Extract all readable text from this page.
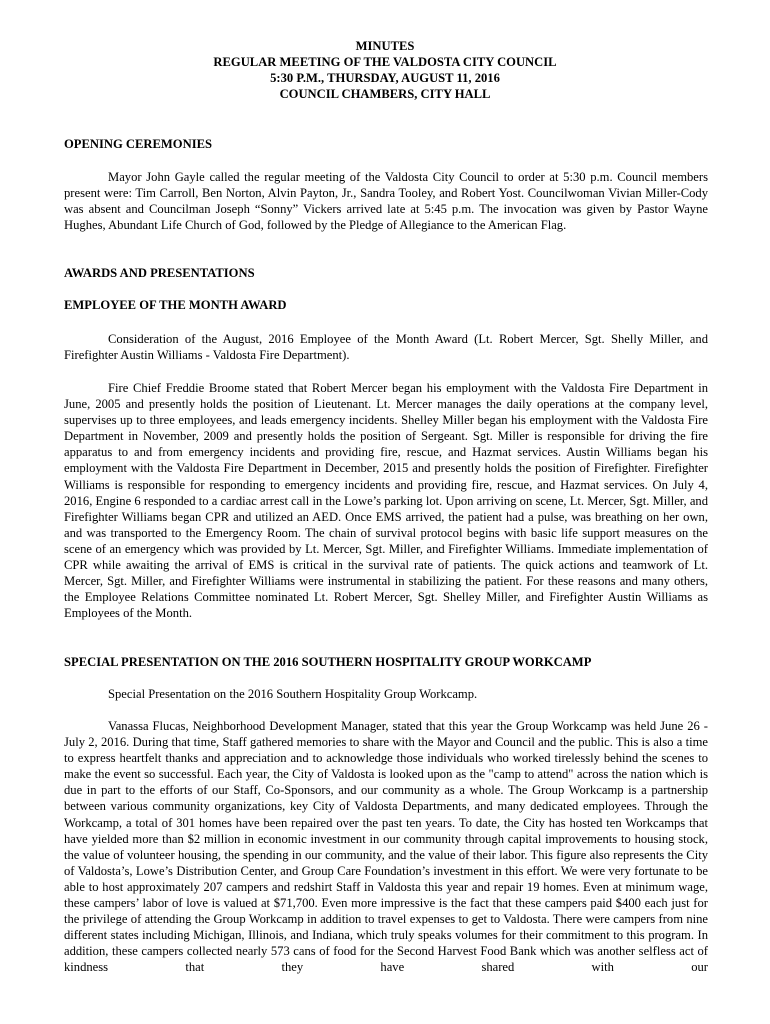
MINUTES
REGULAR MEETING OF THE VALDOSTA CITY COUNCIL
5:30 P.M., THURSDAY, AUGUST 11, 2016
COUNCIL CHAMBERS, CITY HALL
OPENING CEREMONIES
Mayor John Gayle called the regular meeting of the Valdosta City Council to order at 5:30 p.m. Council members present were: Tim Carroll, Ben Norton, Alvin Payton, Jr., Sandra Tooley, and Robert Yost. Councilwoman Vivian Miller-Cody was absent and Councilman Joseph “Sonny” Vickers arrived late at 5:45 p.m. The invocation was given by Pastor Wayne Hughes, Abundant Life Church of God, followed by the Pledge of Allegiance to the American Flag.
AWARDS AND PRESENTATIONS
EMPLOYEE OF THE MONTH AWARD
Consideration of the August, 2016 Employee of the Month Award (Lt. Robert Mercer, Sgt. Shelly Miller, and Firefighter Austin Williams - Valdosta Fire Department).
Fire Chief Freddie Broome stated that Robert Mercer began his employment with the Valdosta Fire Department in June, 2005 and presently holds the position of Lieutenant. Lt. Mercer manages the daily operations at the company level, supervises up to three employees, and leads emergency incidents. Shelley Miller began his employment with the Valdosta Fire Department in November, 2009 and presently holds the position of Sergeant. Sgt. Miller is responsible for driving the fire apparatus to and from emergency incidents and providing fire, rescue, and Hazmat services. Austin Williams began his employment with the Valdosta Fire Department in December, 2015 and presently holds the position of Firefighter. Firefighter Williams is responsible for responding to emergency incidents and providing fire, rescue, and Hazmat services. On July 4, 2016, Engine 6 responded to a cardiac arrest call in the Lowe’s parking lot. Upon arriving on scene, Lt. Mercer, Sgt. Miller, and Firefighter Williams began CPR and utilized an AED. Once EMS arrived, the patient had a pulse, was breathing on her own, and was transported to the Emergency Room. The chain of survival protocol begins with basic life support measures on the scene of an emergency which was provided by Lt. Mercer, Sgt. Miller, and Firefighter Williams. Immediate implementation of CPR while awaiting the arrival of EMS is critical in the survival rate of patients. The quick actions and teamwork of Lt. Mercer, Sgt. Miller, and Firefighter Williams were instrumental in stabilizing the patient. For these reasons and many others, the Employee Relations Committee nominated Lt. Robert Mercer, Sgt. Shelley Miller, and Firefighter Austin Williams as Employees of the Month.
SPECIAL PRESENTATION ON THE 2016 SOUTHERN HOSPITALITY GROUP WORKCAMP
Special Presentation on the 2016 Southern Hospitality Group Workcamp.
Vanassa Flucas, Neighborhood Development Manager, stated that this year the Group Workcamp was held June 26 - July 2, 2016. During that time, Staff gathered memories to share with the Mayor and Council and the public. This is also a time to express heartfelt thanks and appreciation and to acknowledge those individuals who worked tirelessly behind the scenes to make the event so successful. Each year, the City of Valdosta is looked upon as the "camp to attend" across the nation which is due in part to the efforts of our Staff, Co-Sponsors, and our community as a whole. The Group Workcamp is a partnership between various community organizations, key City of Valdosta Departments, and many dedicated employees. Through the Workcamp, a total of 301 homes have been repaired over the past ten years. To date, the City has hosted ten Workcamps that have yielded more than $2 million in economic investment in our community through capital improvements to housing stock, the value of volunteer housing, the spending in our community, and the value of their labor. This figure also represents the City of Valdosta’s, Lowe’s Distribution Center, and Group Care Foundation’s investment in this effort. We were very fortunate to be able to host approximately 207 campers and redshirt Staff in Valdosta this year and repair 19 homes. Even at minimum wage, these campers’ labor of love is valued at $71,700. Even more impressive is the fact that these campers paid $400 each just for the privilege of attending the Group Workcamp in addition to travel expenses to get to Valdosta. There were campers from nine different states including Michigan, Illinois, and Indiana, which truly speaks volumes for their commitment to this program. In addition, these campers collected nearly 573 cans of food for the Second Harvest Food Bank which was another selfless act of kindness that they have shared with our
